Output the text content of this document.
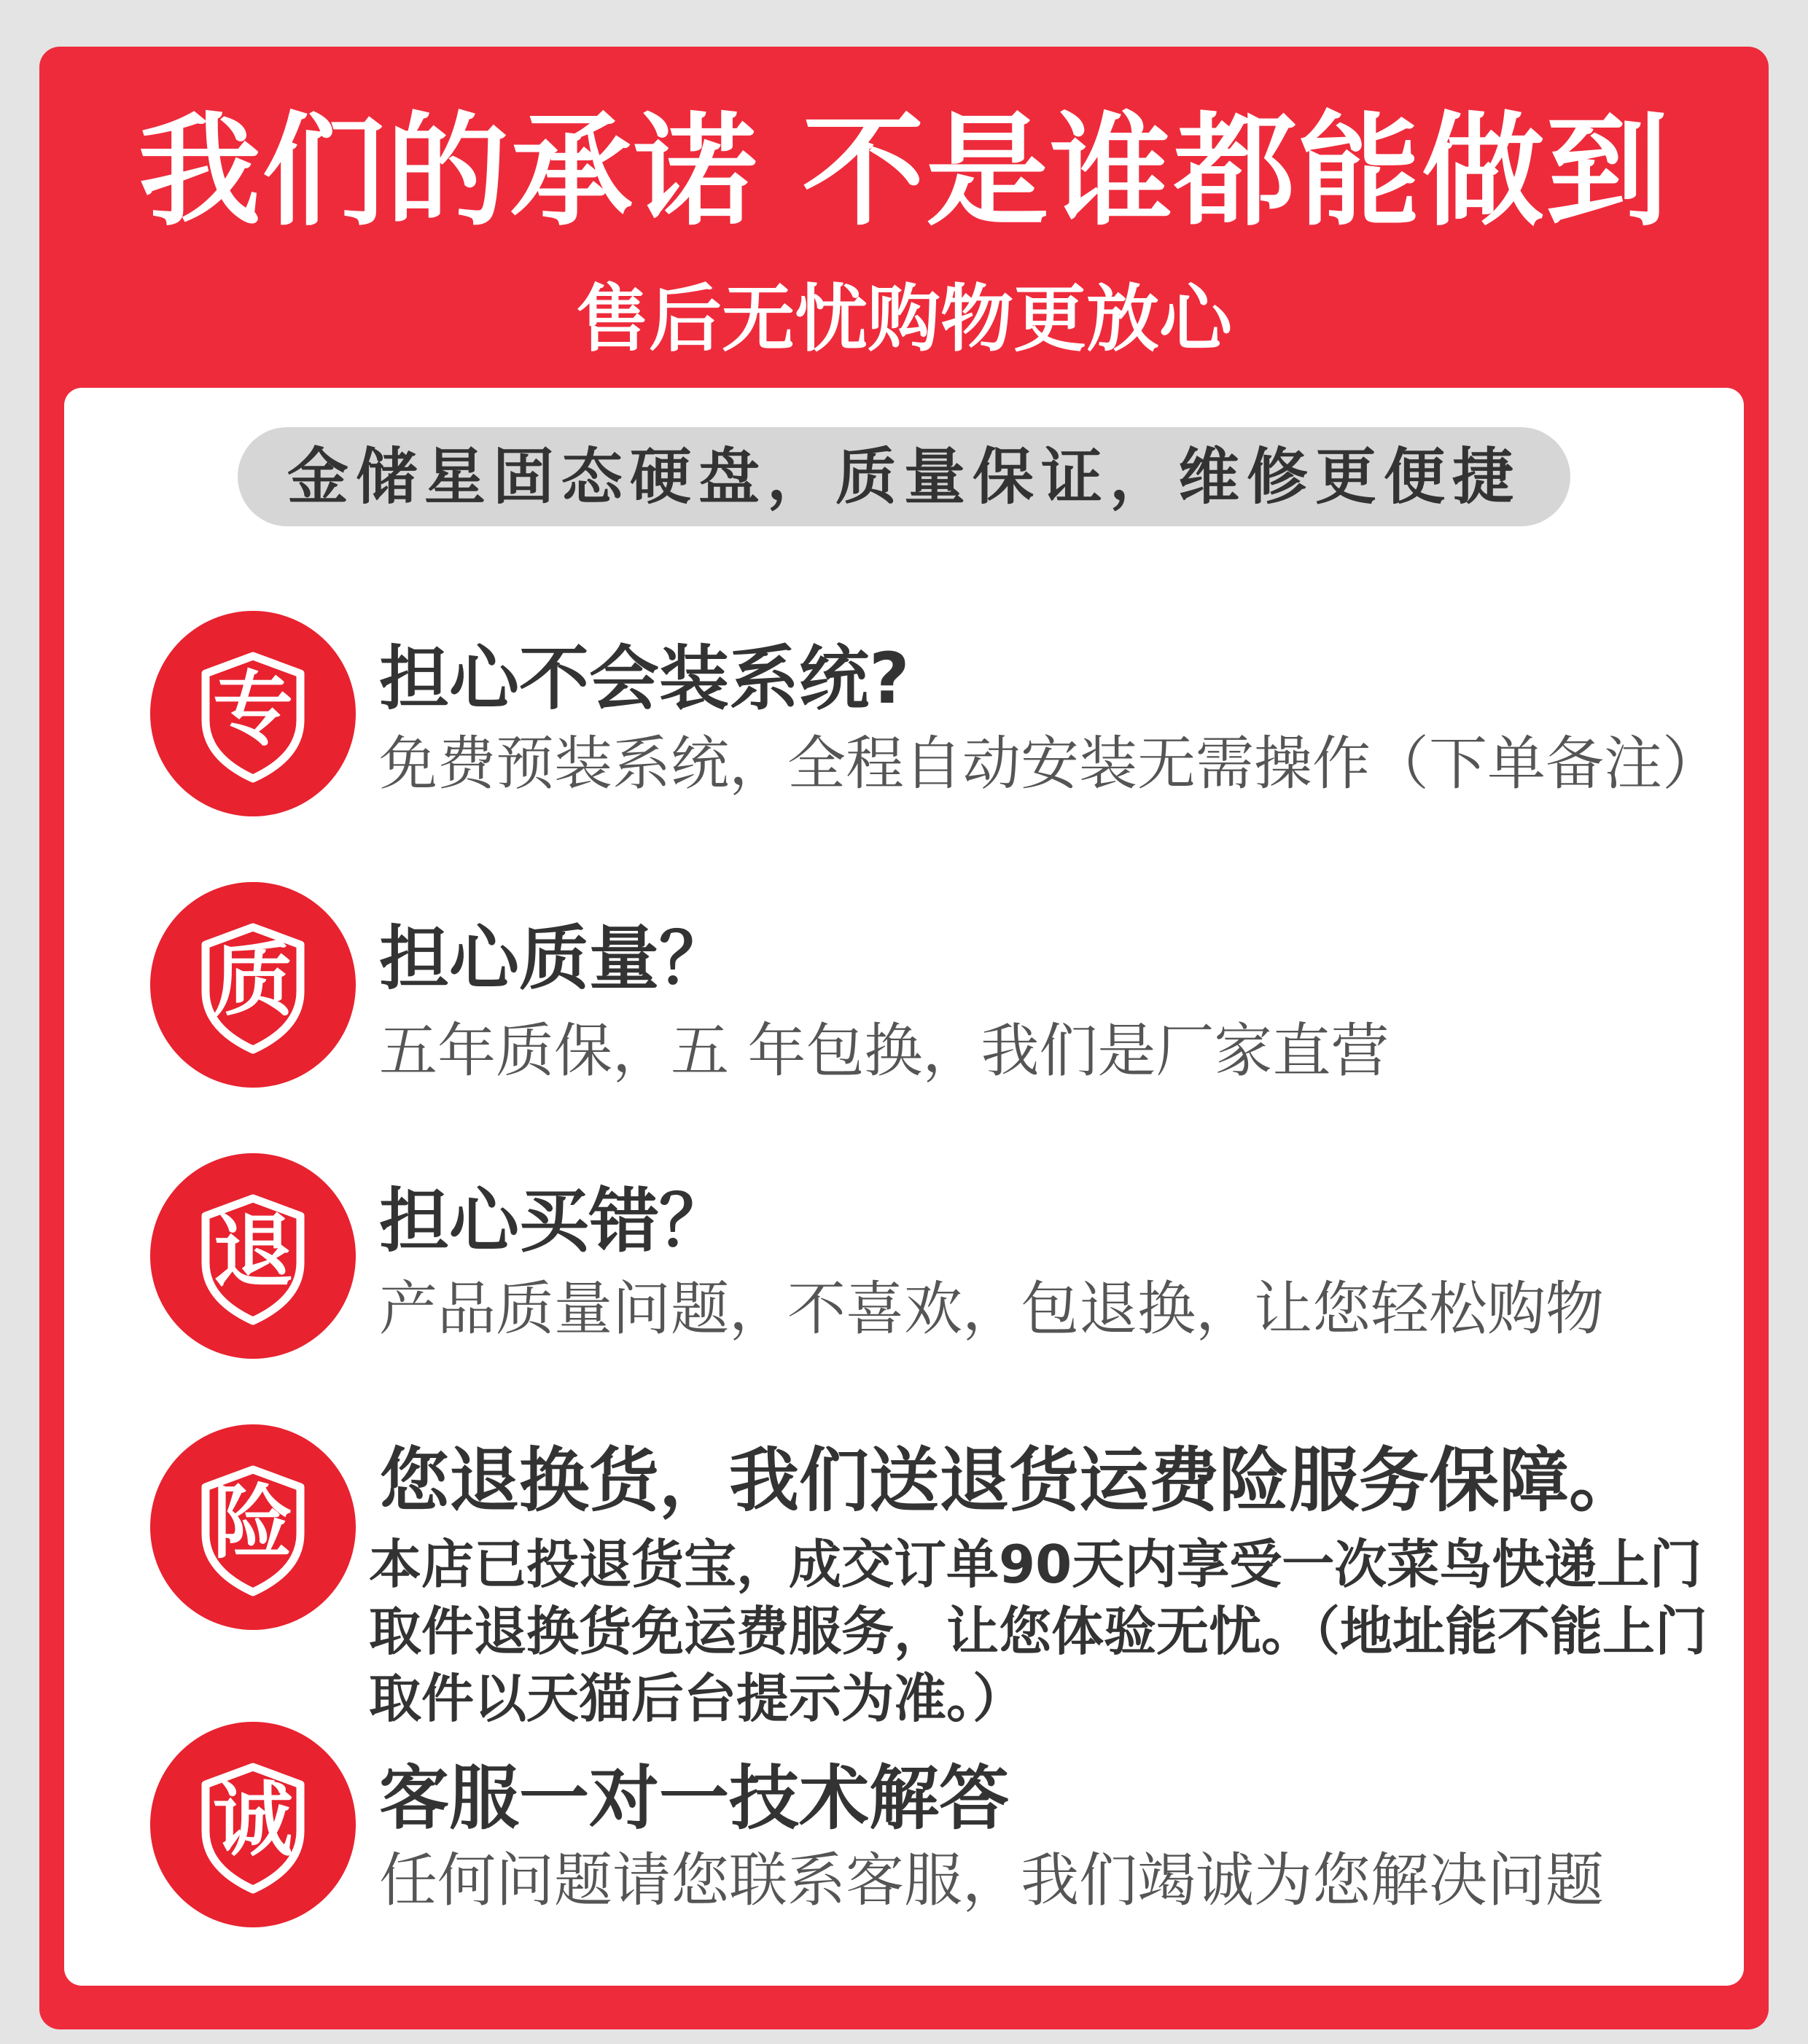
我们的承诺 不是谁都能做到
售后无忧购物更放心
金储星固态硬盘，质量保证，维修更便捷
专	担心不会装系统?
免费预装系统，全程自动安装无需操作（下单备注）
质	担心质量？
五年质保，五 年包换，我们是厂家直营
退	担心买错？
产品质量问题，不喜欢，包退换，让您轻松购物
险	您退换货，我们送退货运费险服务保障。
本店已投退货宝，成交订单90天内享受一次菜鸟快递上门取件退换货免运费服务，让您体验无忧。（地址能不能上门取件以天猫后台提示为准。）
诚	客服一对一技术解答
任何问题请您联系客服，我们竭诚为您解决问题
